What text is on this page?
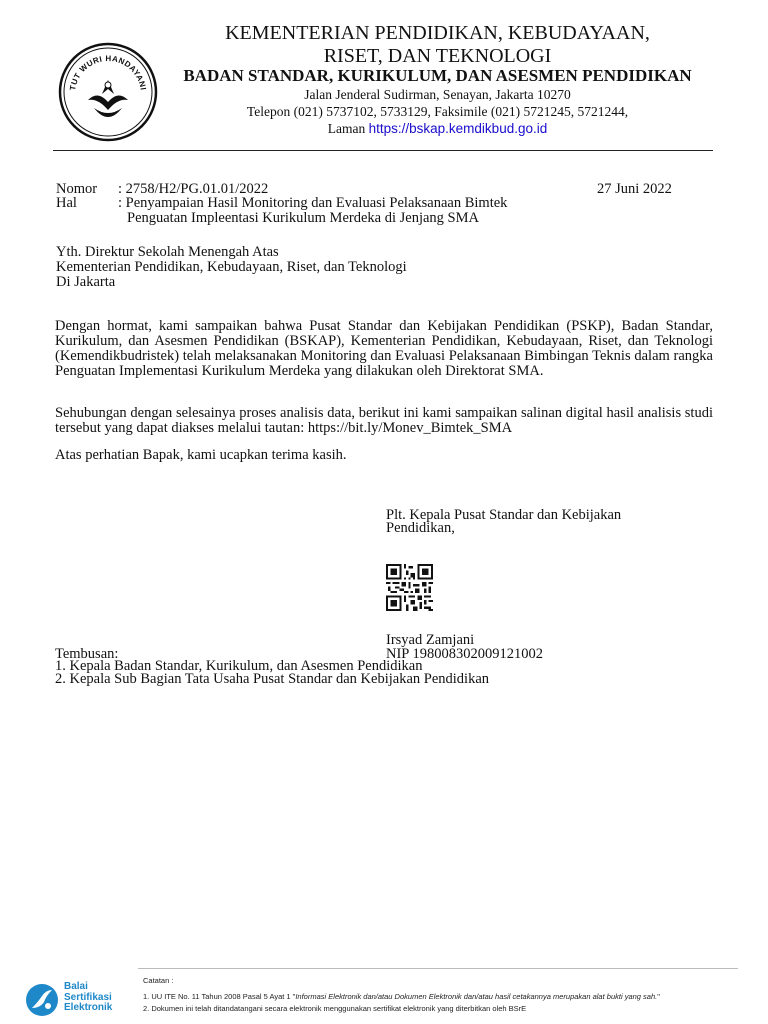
TUT WURI HANDAYANI
KEMENTERIAN PENDIDIKAN, KEBUDAYAAN,
RISET, DAN TEKNOLOGI
BADAN STANDAR, KURIKULUM, DAN ASESMEN PENDIDIKAN
Jalan Jenderal Sudirman, Senayan, Jakarta 10270
Telepon (021) 5737102, 5733129, Faksimile (021) 5721245, 5721244,
Laman https://bskap.kemdikbud.go.id
Nomor : 2758/H2/PG.01.01/2022	27 Juni 2022
Hal	: Penyampaian Hasil Monitoring dan Evaluasi Pelaksanaan Bimtek
Penguatan Impleentasi Kurikulum Merdeka di Jenjang SMA
Yth. Direktur Sekolah Menengah Atas
Kementerian Pendidikan, Kebudayaan, Riset, dan Teknologi
Di Jakarta
Dengan hormat, kami sampaikan bahwa Pusat Standar dan Kebijakan Pendidikan (PSKP), Badan Standar, Kurikulum, dan Asesmen Pendidikan (BSKAP), Kementerian Pendidikan, Kebudayaan, Riset, dan Teknologi (Kemendikbudristek) telah melaksanakan Monitoring dan Evaluasi Pelaksanaan Bimbingan Teknis dalam rangka Penguatan Implementasi Kurikulum Merdeka yang dilakukan oleh Direktorat SMA.
Sehubungan dengan selesainya proses analisis data, berikut ini kami sampaikan salinan digital hasil analisis studi tersebut yang dapat diakses melalui tautan: https://bit.ly/Monev_Bimtek_SMA
Atas perhatian Bapak, kami ucapkan terima kasih.
Plt. Kepala Pusat Standar dan Kebijakan
Pendidikan,
Irsyad Zamjani
NIP 198008302009121002
Tembusan:
1. Kepala Badan Standar, Kurikulum, dan Asesmen Pendidikan
2. Kepala Sub Bagian Tata Usaha Pusat Standar dan Kebijakan Pendidikan
Balai
Sertifikasi
Elektronik
Catatan :
1. UU ITE No. 11 Tahun 2008 Pasal 5 Ayat 1 "Informasi Elektronik dan/atau Dokumen Elektronik dan/atau hasil cetakannya merupakan alat bukti yang sah."
2. Dokumen ini telah ditandatangani secara elektronik menggunakan sertifikat elektronik yang diterbitkan oleh BSrE
